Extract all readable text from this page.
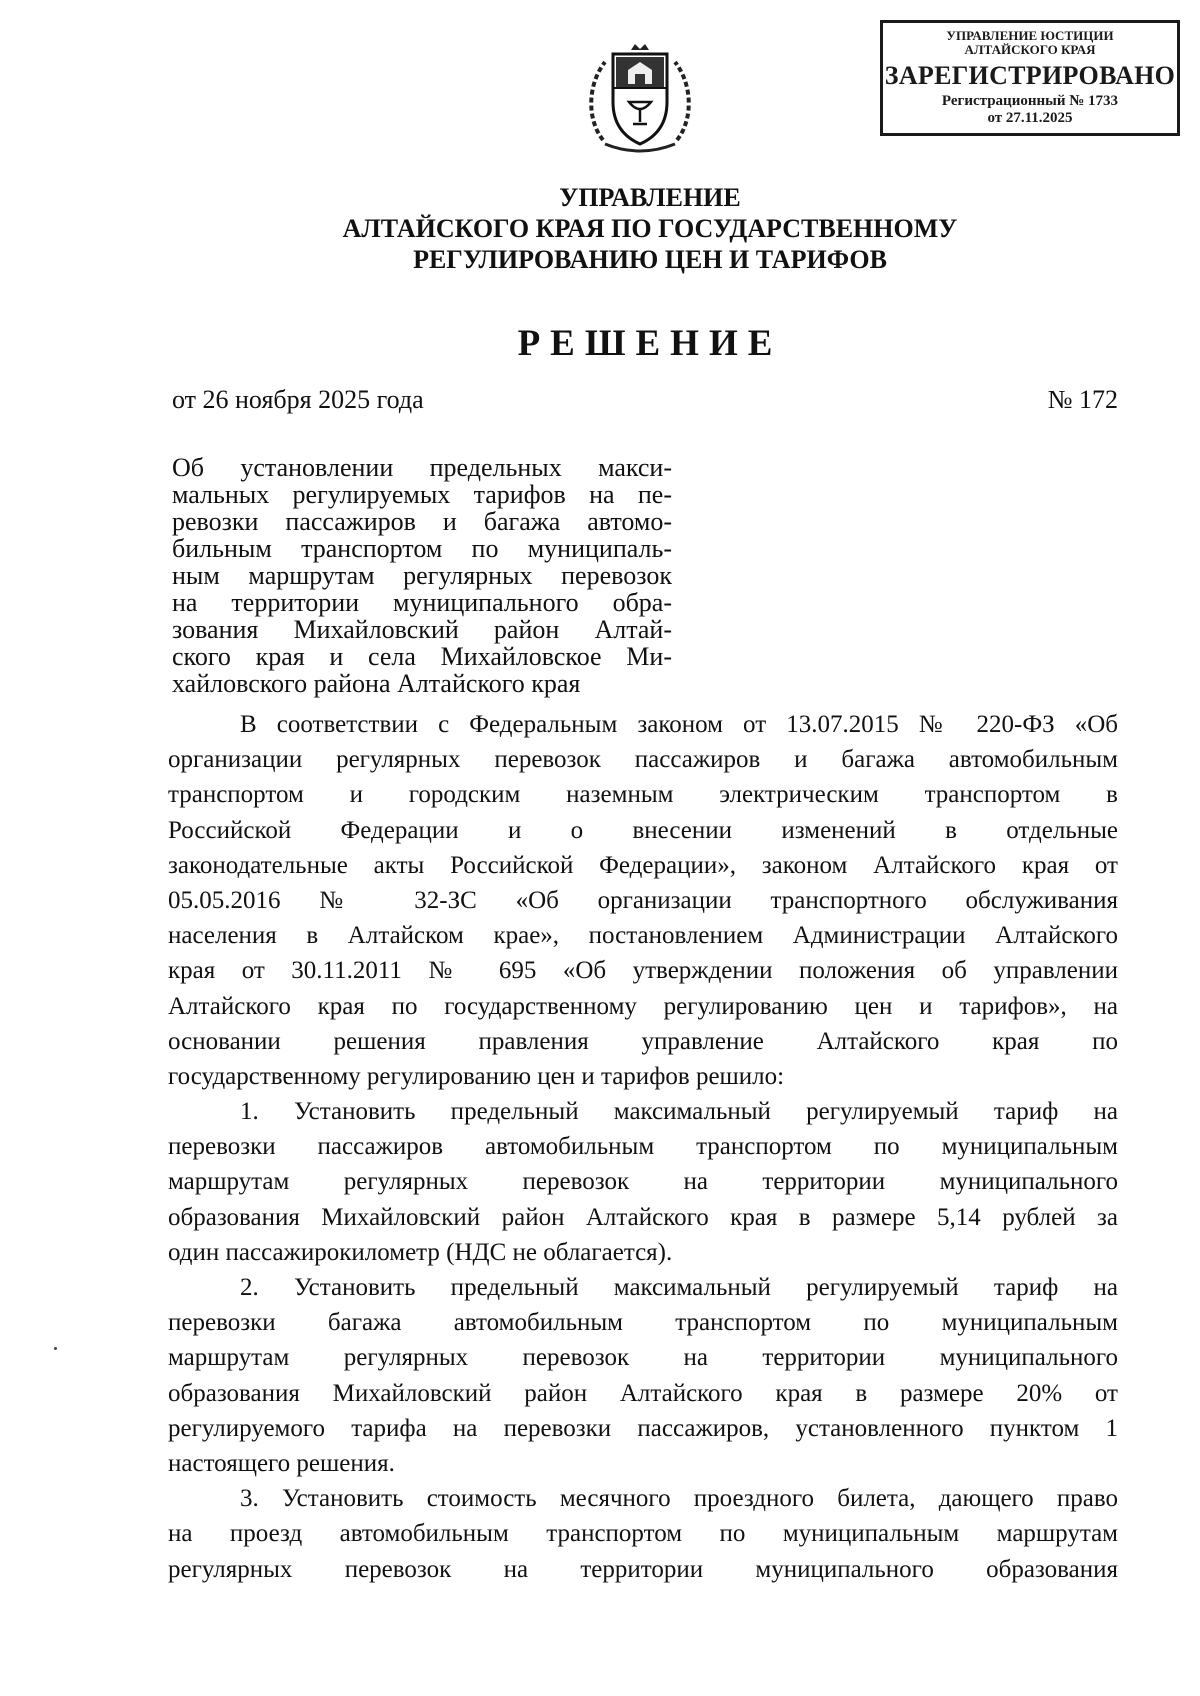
УПРАВЛЕНИЕ ЮСТИЦИИ
АЛТАЙСКОГО КРАЯ
ЗАРЕГИСТРИРОВАНО
Регистрационный № 1733
от 27.11.2025
УПРАВЛЕНИЕ
АЛТАЙСКОГО КРАЯ ПО ГОСУДАРСТВЕННОМУ
РЕГУЛИРОВАНИЮ ЦЕН И ТАРИФОВ
РЕШЕНИЕ
от 26 ноября 2025 года	№ 172
Об установлении предельных макси-
мальных регулируемых тарифов на пе-
ревозки пассажиров и багажа автомо-
бильным транспортом по муниципаль-
ным маршрутам регулярных перевозок
на территории муниципального обра-
зования Михайловский район Алтай-
ского края и села Михайловское Ми-
хайловского района Алтайского края
В соответствии с Федеральным законом от 13.07.2015 № 220-ФЗ «Об
организации регулярных перевозок пассажиров и багажа автомобильным
транспортом и городским наземным электрическим транспортом в
Российской Федерации и о внесении изменений в отдельные
законодательные акты Российской Федерации», законом Алтайского края от
05.05.2016 № 32-ЗС «Об организации транспортного обслуживания
населения в Алтайском крае», постановлением Администрации Алтайского
края от 30.11.2011 № 695 «Об утверждении положения об управлении
Алтайского края по государственному регулированию цен и тарифов», на
основании решения правления управление Алтайского края по
государственному регулированию цен и тарифов решило:
1. Установить предельный максимальный регулируемый тариф на
перевозки пассажиров автомобильным транспортом по муниципальным
маршрутам регулярных перевозок на территории муниципального
образования Михайловский район Алтайского края в размере 5,14 рублей за
один пассажирокилометр (НДС не облагается).
2. Установить предельный максимальный регулируемый тариф на
перевозки багажа автомобильным транспортом по муниципальным
маршрутам регулярных перевозок на территории муниципального
образования Михайловский район Алтайского края в размере 20% от
регулируемого тарифа на перевозки пассажиров, установленного пунктом 1
настоящего решения.
3. Установить стоимость месячного проездного билета, дающего право
на проезд автомобильным транспортом по муниципальным маршрутам
регулярных перевозок на территории муниципального образования
